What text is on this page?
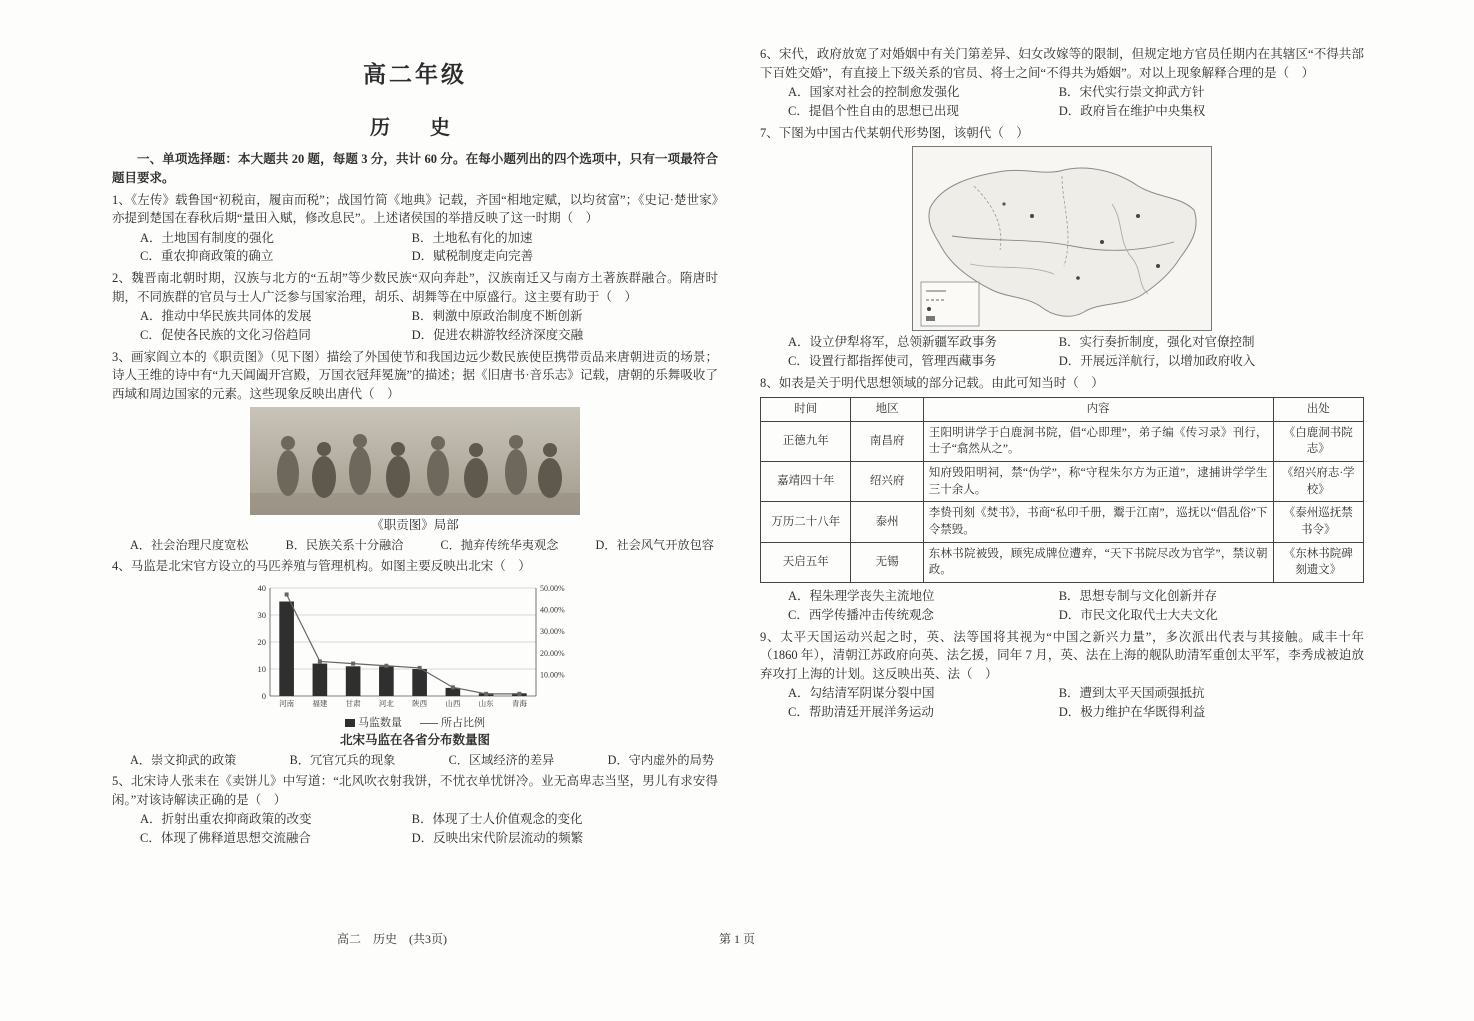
高二年级
历　史

一、单项选择题：本大题共 20 题，每题 3 分，共计 60 分。在每小题列出的四个选项中，只有一项最符合题目要求。

1、《左传》载鲁国“初税亩，履亩而税”；战国竹简《地典》记载，齐国“相地定赋，以均贫富”；《史记·楚世家》亦提到楚国在春秋后期“量田入赋，修改息民”。上述诸侯国的举措反映了这一时期（　）

A．土地国有制度的强化	B．土地私有化的加速
C．重农抑商政策的确立	D．赋税制度走向完善

2、魏晋南北朝时期，汉族与北方的“五胡”等少数民族“双向奔赴”，汉族南迁又与南方土著族群融合。隋唐时期，不同族群的官员与士人广泛参与国家治理，胡乐、胡舞等在中原盛行。这主要有助于（　）

A．推动中华民族共同体的发展	B．刺激中原政治制度不断创新
C．促使各民族的文化习俗趋同	D．促进农耕游牧经济深度交融

3、画家阎立本的《职贡图》（见下图）描绘了外国使节和我国边远少数民族使臣携带贡品来唐朝进贡的场景；诗人王维的诗中有“九天阊阖开宫殿，万国衣冠拜冕旒”的描述；据《旧唐书·音乐志》记载，唐朝的乐舞吸收了西域和周边国家的元素。这些现象反映出唐代（　）

《职贡图》局部
A．社会治理尺度宽松	B．民族关系十分融洽	C．抛弃传统华夷观念	D．社会风气开放包容

4、马监是北宋官方设立的马匹养殖与管理机构。如图主要反映出北宋（　）

0
10
20
30
40
10.00%
20.00%
30.00%
40.00%
50.00%
河南 福建 甘肃 河北 陕西 山西 山东 青海
马监数量	所占比例
北宋马监在各省分布数量图
A．崇文抑武的政策	B．冗官冗兵的现象	C．区域经济的差异	D．守内虚外的局势

5、北宋诗人张耒在《卖饼儿》中写道：“北风吹衣射我饼，不忧衣单忧饼冷。业无高卑志当坚，男儿有求安得闲。”对该诗解读正确的是（　）

A．折射出重农抑商政策的改变	B．体现了士人价值观念的变化
C．体现了佛释道思想交流融合	D．反映出宋代阶层流动的频繁

6、宋代，政府放宽了对婚姻中有关门第差异、妇女改嫁等的限制，但规定地方官员任期内在其辖区“不得共部下百姓交婚”，有直接上下级关系的官员、将士之间“不得共为婚姻”。对以上现象解释合理的是（　）

A．国家对社会的控制愈发强化	B．宋代实行崇文抑武方针
C．提倡个性自由的思想已出现	D．政府旨在维护中央集权

7、下图为中国古代某朝代形势图，该朝代（　）

A．设立伊犁将军，总领新疆军政事务	B．实行奏折制度，强化对官僚控制
C．设置行都指挥使司，管理西藏事务	D．开展远洋航行，以增加政府收入

8、如表是关于明代思想领域的部分记载。由此可知当时（　）

时间	地区	内容	出处
正德九年	南昌府	王阳明讲学于白鹿洞书院，倡“心即理”，弟子编《传习录》刊行，士子“翕然从之”。	《白鹿洞书院志》
嘉靖四十年	绍兴府	知府毁阳明祠，禁“伪学”，称“守程朱尔方为正道”，逮捕讲学学生三十余人。	《绍兴府志·学校》
万历二十八年	泰州	李贽刊刻《焚书》，书商“私印千册，鬻于江南”，巡抚以“倡乱俗”下令禁毁。	《泰州巡抚禁书令》
天启五年	无锡	东林书院被毁，顾宪成牌位遭弃，“天下书院尽改为官学”，禁议朝政。	《东林书院碑刻遗文》
A．程朱理学丧失主流地位	B．思想专制与文化创新并存
C．西学传播冲击传统观念	D．市民文化取代士大夫文化

9、太平天国运动兴起之时，英、法等国将其视为“中国之新兴力量”，多次派出代表与其接触。咸丰十年（1860 年），清朝江苏政府向英、法乞援，同年 7 月，英、法在上海的舰队助清军重创太平军，李秀成被迫放弃攻打上海的计划。这反映出英、法（　）

A．勾结清军阴谋分裂中国	B．遭到太平天国顽强抵抗
C．帮助清廷开展洋务运动	D．极力维护在华既得利益
高二　历史　(共3页)	第 1 页
